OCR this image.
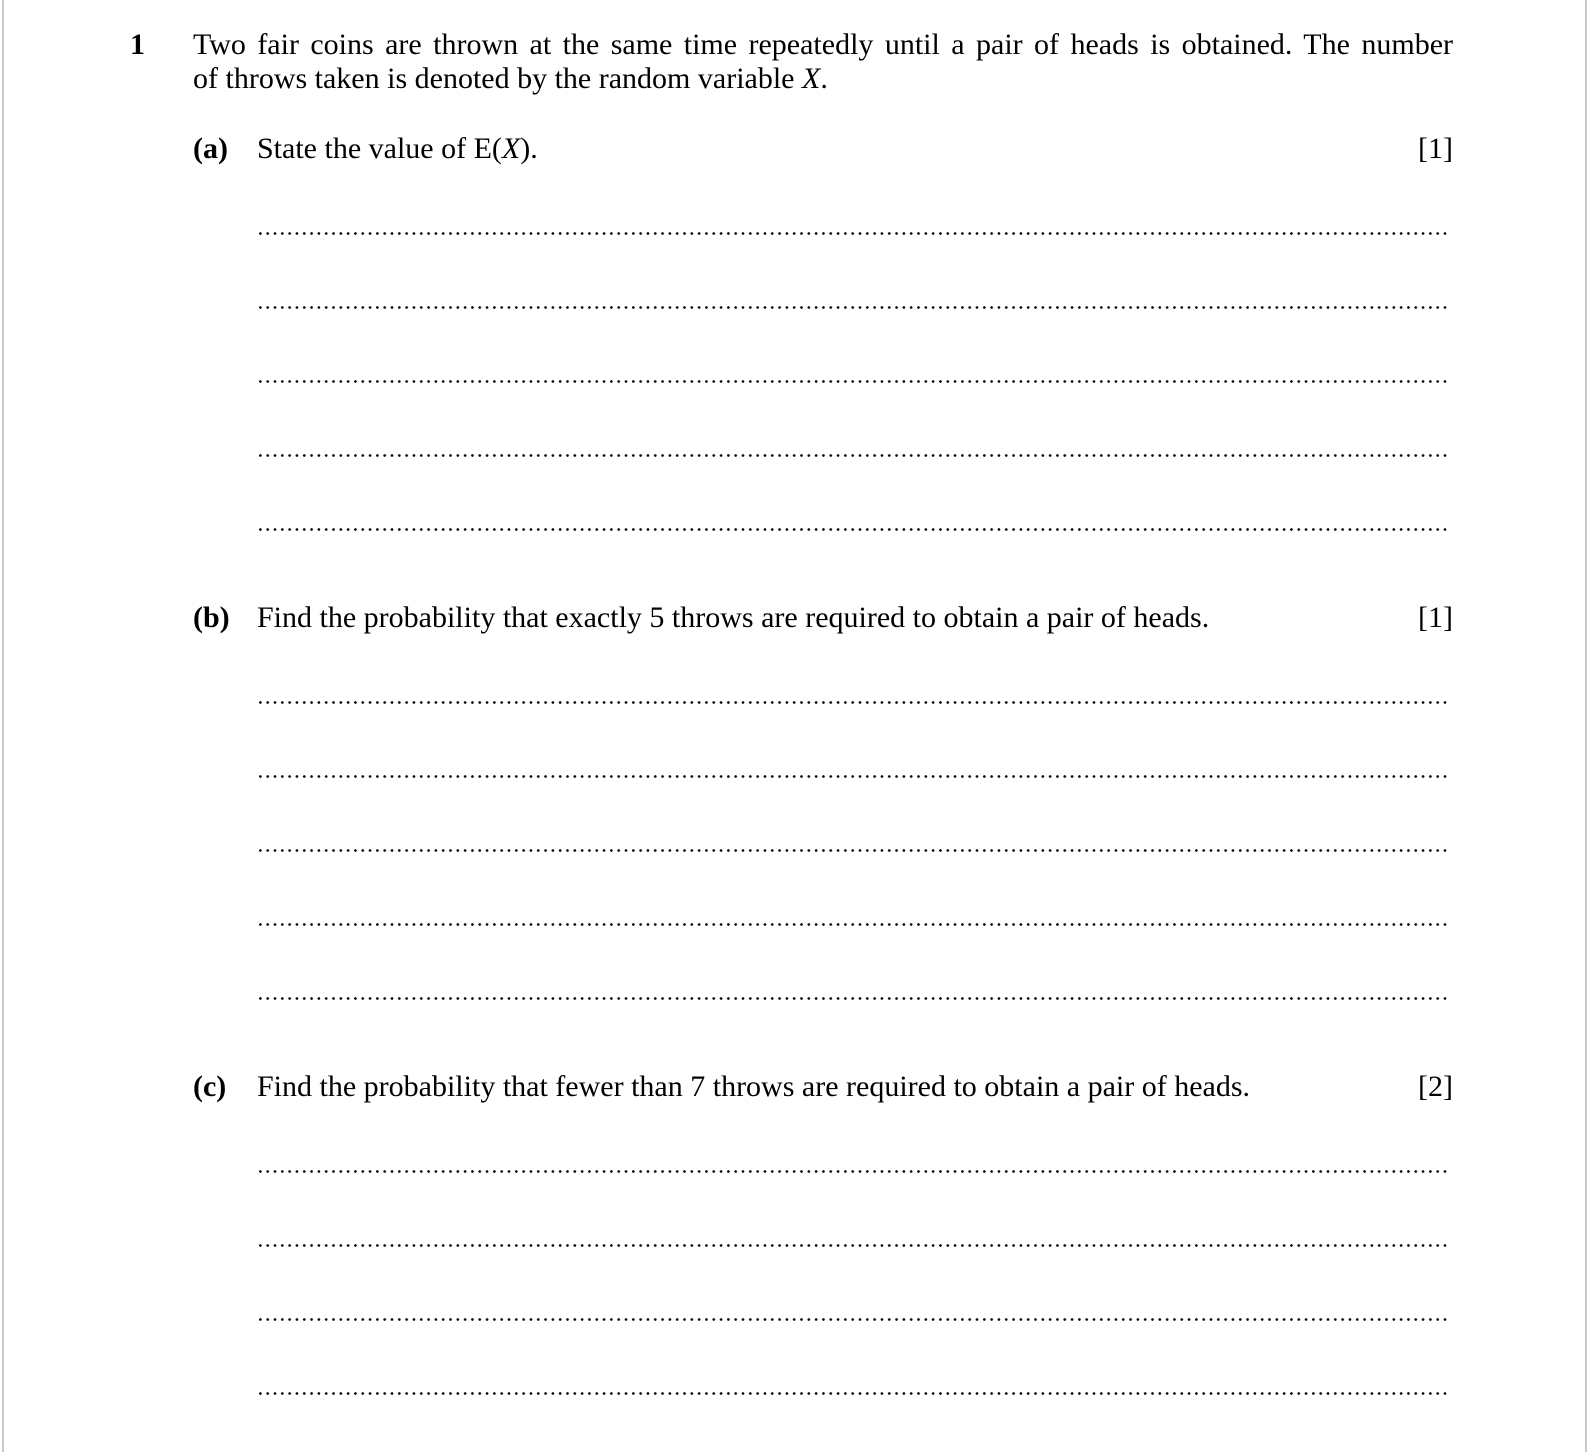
1	Two fair coins are thrown at the same time repeatedly until a pair of heads is obtained. The number
of throws taken is denoted by the random variable X.
(a) State the value of E(X).	[1]
(b) Find the probability that exactly 5 throws are required to obtain a pair of heads.	[1]
(c)	Find the probability that fewer than 7 throws are required to obtain a pair of heads.	[2]
